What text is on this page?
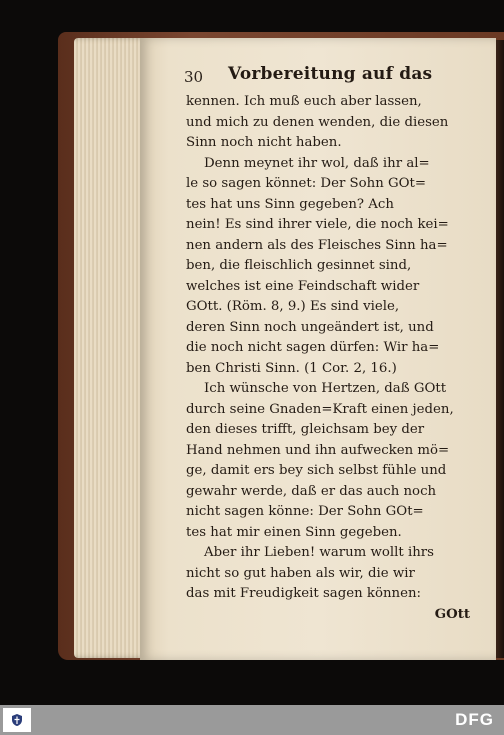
30 Vorbereitung auf das
kennen. Ich muß euch aber lassen,
und mich zu denen wenden, die diesen
Sinn noch nicht haben.
Denn meynet ihr wol, daß ihr al=
le so sagen könnet: Der Sohn GOt=
tes hat uns Sinn gegeben? Ach
nein! Es sind ihrer viele, die noch kei=
nen andern als des Fleisches Sinn ha=
ben, die fleischlich gesinnet sind,
welches ist eine Feindschaft wider
GOtt. (Röm. 8, 9.) Es sind viele,
deren Sinn noch ungeändert ist, und
die noch nicht sagen dürfen: Wir ha=
ben Christi Sinn. (1 Cor. 2, 16.)
Ich wünsche von Hertzen, daß GOtt
durch seine Gnaden=Kraft einen jeden,
den dieses trifft, gleichsam bey der
Hand nehmen und ihn aufwecken mö=
ge, damit ers bey sich selbst fühle und
gewahr werde, daß er das auch noch
nicht sagen könne: Der Sohn GOt=
tes hat mir einen Sinn gegeben.
Aber ihr Lieben! warum wollt ihrs
nicht so gut haben als wir, die wir
das mit Freudigkeit sagen können:
GOtt
DFG
